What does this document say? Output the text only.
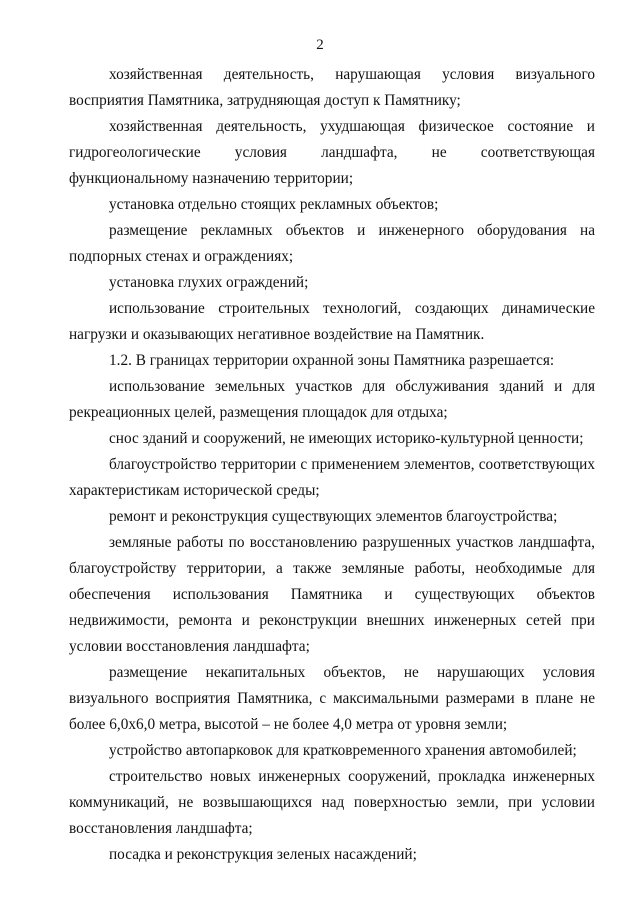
2

хозяйственная деятельность, нарушающая условия визуального восприятия Памятника, затрудняющая доступ к Памятнику;

хозяйственная деятельность, ухудшающая физическое состояние и гидрогеологические условия ландшафта, не соответствующая функциональному назначению территории;

установка отдельно стоящих рекламных объектов;

размещение рекламных объектов и инженерного оборудования на подпорных стенах и ограждениях;

установка глухих ограждений;

использование строительных технологий, создающих динамические нагрузки и оказывающих негативное воздействие на Памятник.

1.2. В границах территории охранной зоны Памятника разрешается:

использование земельных участков для обслуживания зданий и для рекреационных целей, размещения площадок для отдыха;

снос зданий и сооружений, не имеющих историко-культурной ценности;

благоустройство территории с применением элементов, соответствующих характеристикам исторической среды;

ремонт и реконструкция существующих элементов благоустройства;

земляные работы по восстановлению разрушенных участков ландшафта, благоустройству территории, а также земляные работы, необходимые для обеспечения использования Памятника и существующих объектов недвижимости, ремонта и реконструкции внешних инженерных сетей при условии восстановления ландшафта;

размещение некапитальных объектов, не нарушающих условия визуального восприятия Памятника, с максимальными размерами в плане не более 6,0x6,0 метра, высотой – не более 4,0 метра от уровня земли;

устройство автопарковок для кратковременного хранения автомобилей;

строительство новых инженерных сооружений, прокладка инженерных коммуникаций, не возвышающихся над поверхностью земли, при условии восстановления ландшафта;

посадка и реконструкция зеленых насаждений;
